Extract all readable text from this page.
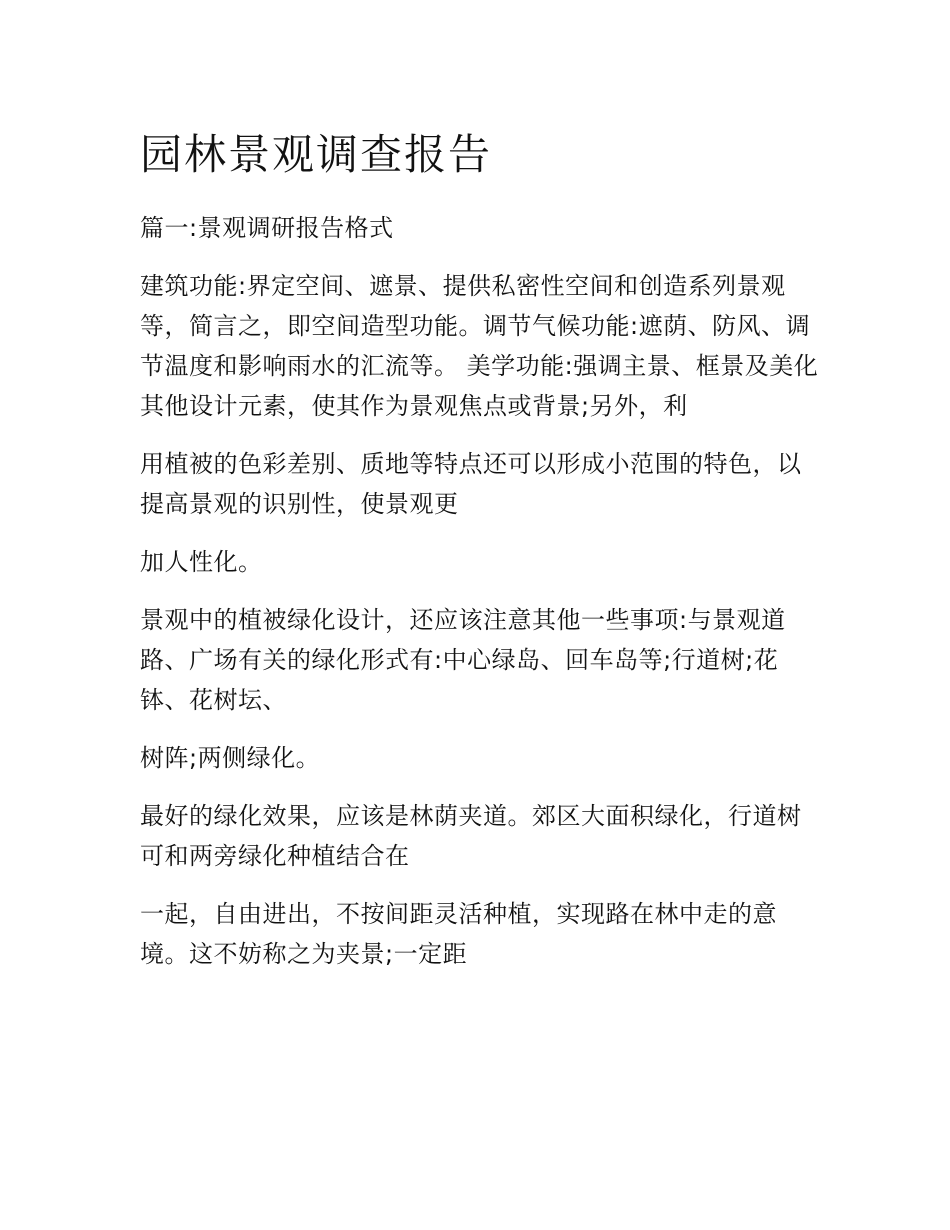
园林景观调查报告
篇一:景观调研报告格式
建筑功能:界定空间、遮景、提供私密性空间和创造系列景观等，简言之，即空间造型功能。调节气候功能:遮荫、防风、调节温度和影响雨水的汇流等。 美学功能:强调主景、框景及美化其他设计元素，使其作为景观焦点或背景;另外，利
用植被的色彩差别、质地等特点还可以形成小范围的特色，以提高景观的识别性，使景观更
加人性化。
景观中的植被绿化设计，还应该注意其他一些事项:与景观道路、广场有关的绿化形式有:中心绿岛、回车岛等;行道树;花钵、花树坛、
树阵;两侧绿化。
最好的绿化效果，应该是林荫夹道。郊区大面积绿化，行道树可和两旁绿化种植结合在
一起，自由进出，不按间距灵活种植，实现路在林中走的意境。这不妨称之为夹景;一定距
